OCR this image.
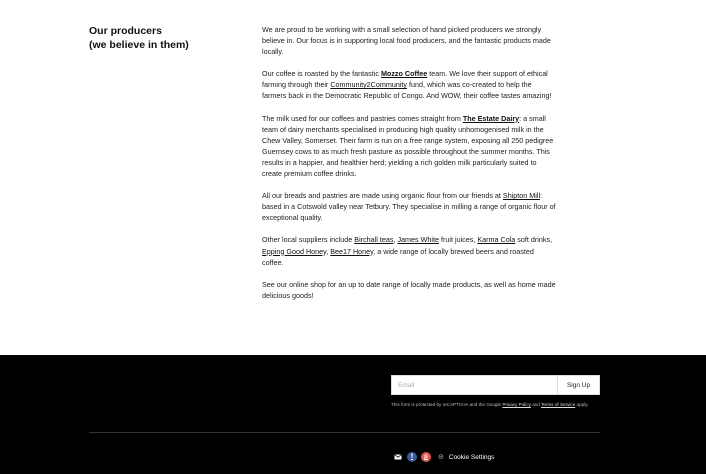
Our producers
(we believe in them)

We are proud to be working with a small selection of hand picked producers we strongly believe in. Our focus is in supporting local food producers, and the fantastic products made locally.

Our coffee is roasted by the fantastic Mozzo Coffee team. We love their support of ethical farming through their Community2Community fund, which was co-created to help the farmers back in the Democratic Republic of Congo. And WOW, their coffee tastes amazing!

The milk used for our coffees and pastries comes straight from The Estate Dairy: a small team of dairy merchants specialised in producing high quality unhomogenised milk in the Chew Valley, Somerset. Their farm is run on a free range system, exposing all 250 pedigree Guernsey cows to as much fresh pasture as possible throughout the summer months. This results in a happier, and healthier herd; yielding a rich golden milk particularly suited to create premium coffee drinks.

All our breads and pastries are made using organic flour from our friends at Shipton Mill: based in a Cotswold valley near Tetbury. They specialise in milling a range of organic flour of exceptional quality.

Other local suppliers include Birchall teas, James White fruit juices, Karma Cola soft drinks, Epping Good Honey, Bee17 Honey, a wide range of locally brewed beers and roasted coffee.

See our online shop for an up to date range of locally made products, as well as home made delicious goods!

Email
Sign Up
This form is protected by reCAPTCHA and the Google Privacy Policy and Terms of Service apply.
f	p	⊝ Cookie Settings
